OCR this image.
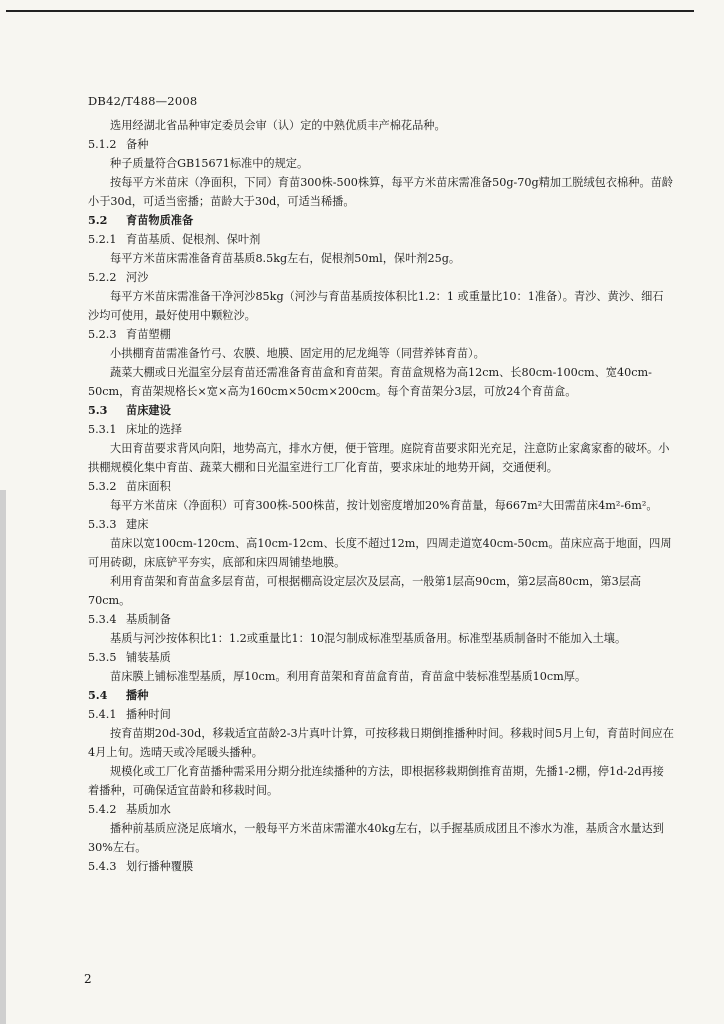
DB42/T488—2008

选用经湖北省品种审定委员会审（认）定的中熟优质丰产棉花品种。

5.1.2 备种

种子质量符合GB15671标准中的规定。

按每平方米苗床（净面积，下同）育苗300株-500株算，每平方米苗床需准备50g-70g精加工脱绒包衣棉种。苗龄小于30d，可适当密播；苗龄大于30d，可适当稀播。

5.2 育苗物质准备

5.2.1 育苗基质、促根剂、保叶剂

每平方米苗床需准备育苗基质8.5kg左右，促根剂50ml，保叶剂25g。

5.2.2 河沙

每平方米苗床需准备干净河沙85kg（河沙与育苗基质按体积比1.2：1 或重量比10：1准备）。青沙、黄沙、细石沙均可使用，最好使用中颗粒沙。

5.2.3 育苗塑棚

小拱棚育苗需准备竹弓、农膜、地膜、固定用的尼龙绳等（同营养钵育苗）。

蔬菜大棚或日光温室分层育苗还需准备育苗盒和育苗架。育苗盒规格为高12cm、长80cm-100cm、宽40cm-50cm，育苗架规格长×宽×高为160cm×50cm×200cm。每个育苗架分3层，可放24个育苗盒。

5.3 苗床建设

5.3.1 床址的选择

大田育苗要求背风向阳，地势高亢，排水方便，便于管理。庭院育苗要求阳光充足，注意防止家禽家畜的破坏。小拱棚规模化集中育苗、蔬菜大棚和日光温室进行工厂化育苗，要求床址的地势开阔，交通便利。

5.3.2 苗床面积

每平方米苗床（净面积）可育300株-500株苗，按计划密度增加20%育苗量，每667m²大田需苗床4m²-6m²。

5.3.3 建床

苗床以宽100cm-120cm、高10cm-12cm、长度不超过12m，四周走道宽40cm-50cm。苗床应高于地面，四周可用砖砌，床底铲平夯实，底部和床四周铺垫地膜。

利用育苗架和育苗盒多层育苗，可根据棚高设定层次及层高，一般第1层高90cm，第2层高80cm，第3层高70cm。

5.3.4 基质制备

基质与河沙按体积比1：1.2或重量比1：10混匀制成标准型基质备用。标准型基质制备时不能加入土壤。

5.3.5 铺装基质

苗床膜上铺标准型基质，厚10cm。利用育苗架和育苗盒育苗，育苗盒中装标准型基质10cm厚。

5.4 播种

5.4.1 播种时间

按育苗期20d-30d，移栽适宜苗龄2-3片真叶计算，可按移栽日期倒推播种时间。移栽时间5月上旬，育苗时间应在4月上旬。选晴天或冷尾暖头播种。

规模化或工厂化育苗播种需采用分期分批连续播种的方法，即根据移栽期倒推育苗期，先播1-2棚，停1d-2d再接着播种，可确保适宜苗龄和移栽时间。

5.4.2 基质加水

播种前基质应浇足底墒水，一般每平方米苗床需灌水40kg左右，以手握基质成团且不渗水为准，基质含水量达到30%左右。

5.4.3 划行播种覆膜

2
